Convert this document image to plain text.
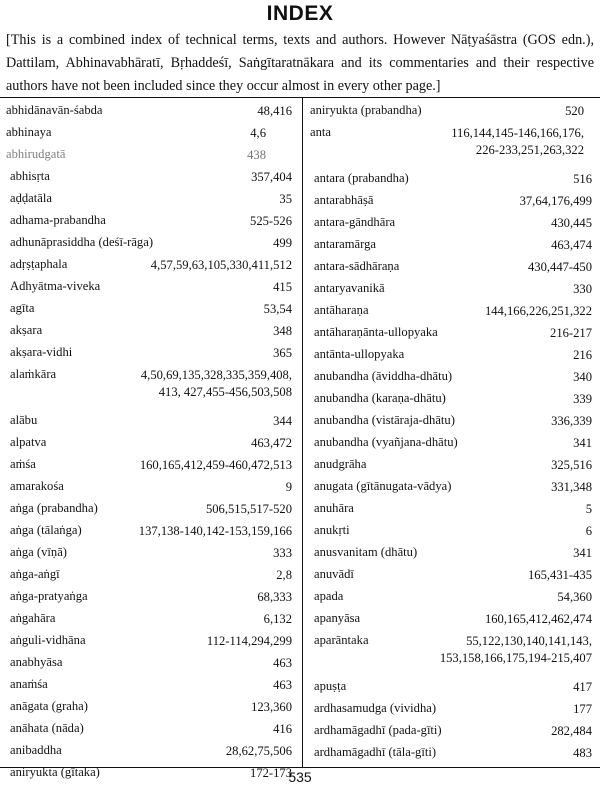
INDEX
[This is a combined index of technical terms, texts and authors. However Nāṭyaśāstra (GOS edn.), Dattilam, Abhinavabhāratī, Bṛhaddeśī, Saṅgītaratnākara and its commentaries and their respective authors have not been included since they occur almost in every other page.]
abhidānavān-śabda	48,416
abhinaya	4,6
abhirudgatā	438
abhisṛta	357,404
aḍḍatāla	35
adhama-prabandha	525-526
adhunāprasiddha (deśī-rāga)	499
adṛṣṭaphala	4,57,59,63,105,330,411,512
Adhyātma-viveka	415
agīta	53,54
akṣara	348
akṣara-vidhi	365
alaṁkāra	4,50,69,135,328,335,359,408,
413, 427,455-456,503,508
alābu	344
alpatva	463,472
aṁśa	160,165,412,459-460,472,513
amarakośa	9
aṅga (prabandha)	506,515,517-520
aṅga (tālaṅga)	137,138-140,142-153,159,166
aṅga (vīṇā)	333
aṅga-aṅgī	2,8
aṅga-pratyaṅga	68,333
aṅgahāra	6,132
aṅguli-vidhāna	112-114,294,299
anabhyāsa	463
anaṁśa	463
anāgata (graha)	123,360
anāhata (nāda)	416
anibaddha	28,62,75,506
aniryukta (gītaka)	172-173
aniryukta (prabandha)	520
anta	116,144,145-146,166,176,
226-233,251,263,322
antara (prabandha)	516
antarabhāṣā	37,64,176,499
antara-gāndhāra	430,445
antaramārga	463,474
antara-sādhāraṇa	430,447-450
antaryavanikā	330
antāharaṇa	144,166,226,251,322
antāharaṇānta-ullopyaka	216-217
antānta-ullopyaka	216
anubandha (āviddha-dhātu)	340
anubandha (karaṇa-dhātu)	339
anubandha (vistāraja-dhātu)	336,339
anubandha (vyañjana-dhātu)	341
anudgrāha	325,516
anugata (gītānugata-vādya)	331,348
anuhāra	5
anukṛti	6
anusvanitam (dhātu)	341
anuvādī	165,431-435
apada	54,360
apanyāsa	160,165,412,462,474
aparāntaka	55,122,130,140,141,143,
153,158,166,175,194-215,407
apuṣṭa	417
ardhasamudga (vividha)	177
ardhamāgadhī (pada-gīti)	282,484
ardhamāgadhī (tāla-gīti)	483
535
